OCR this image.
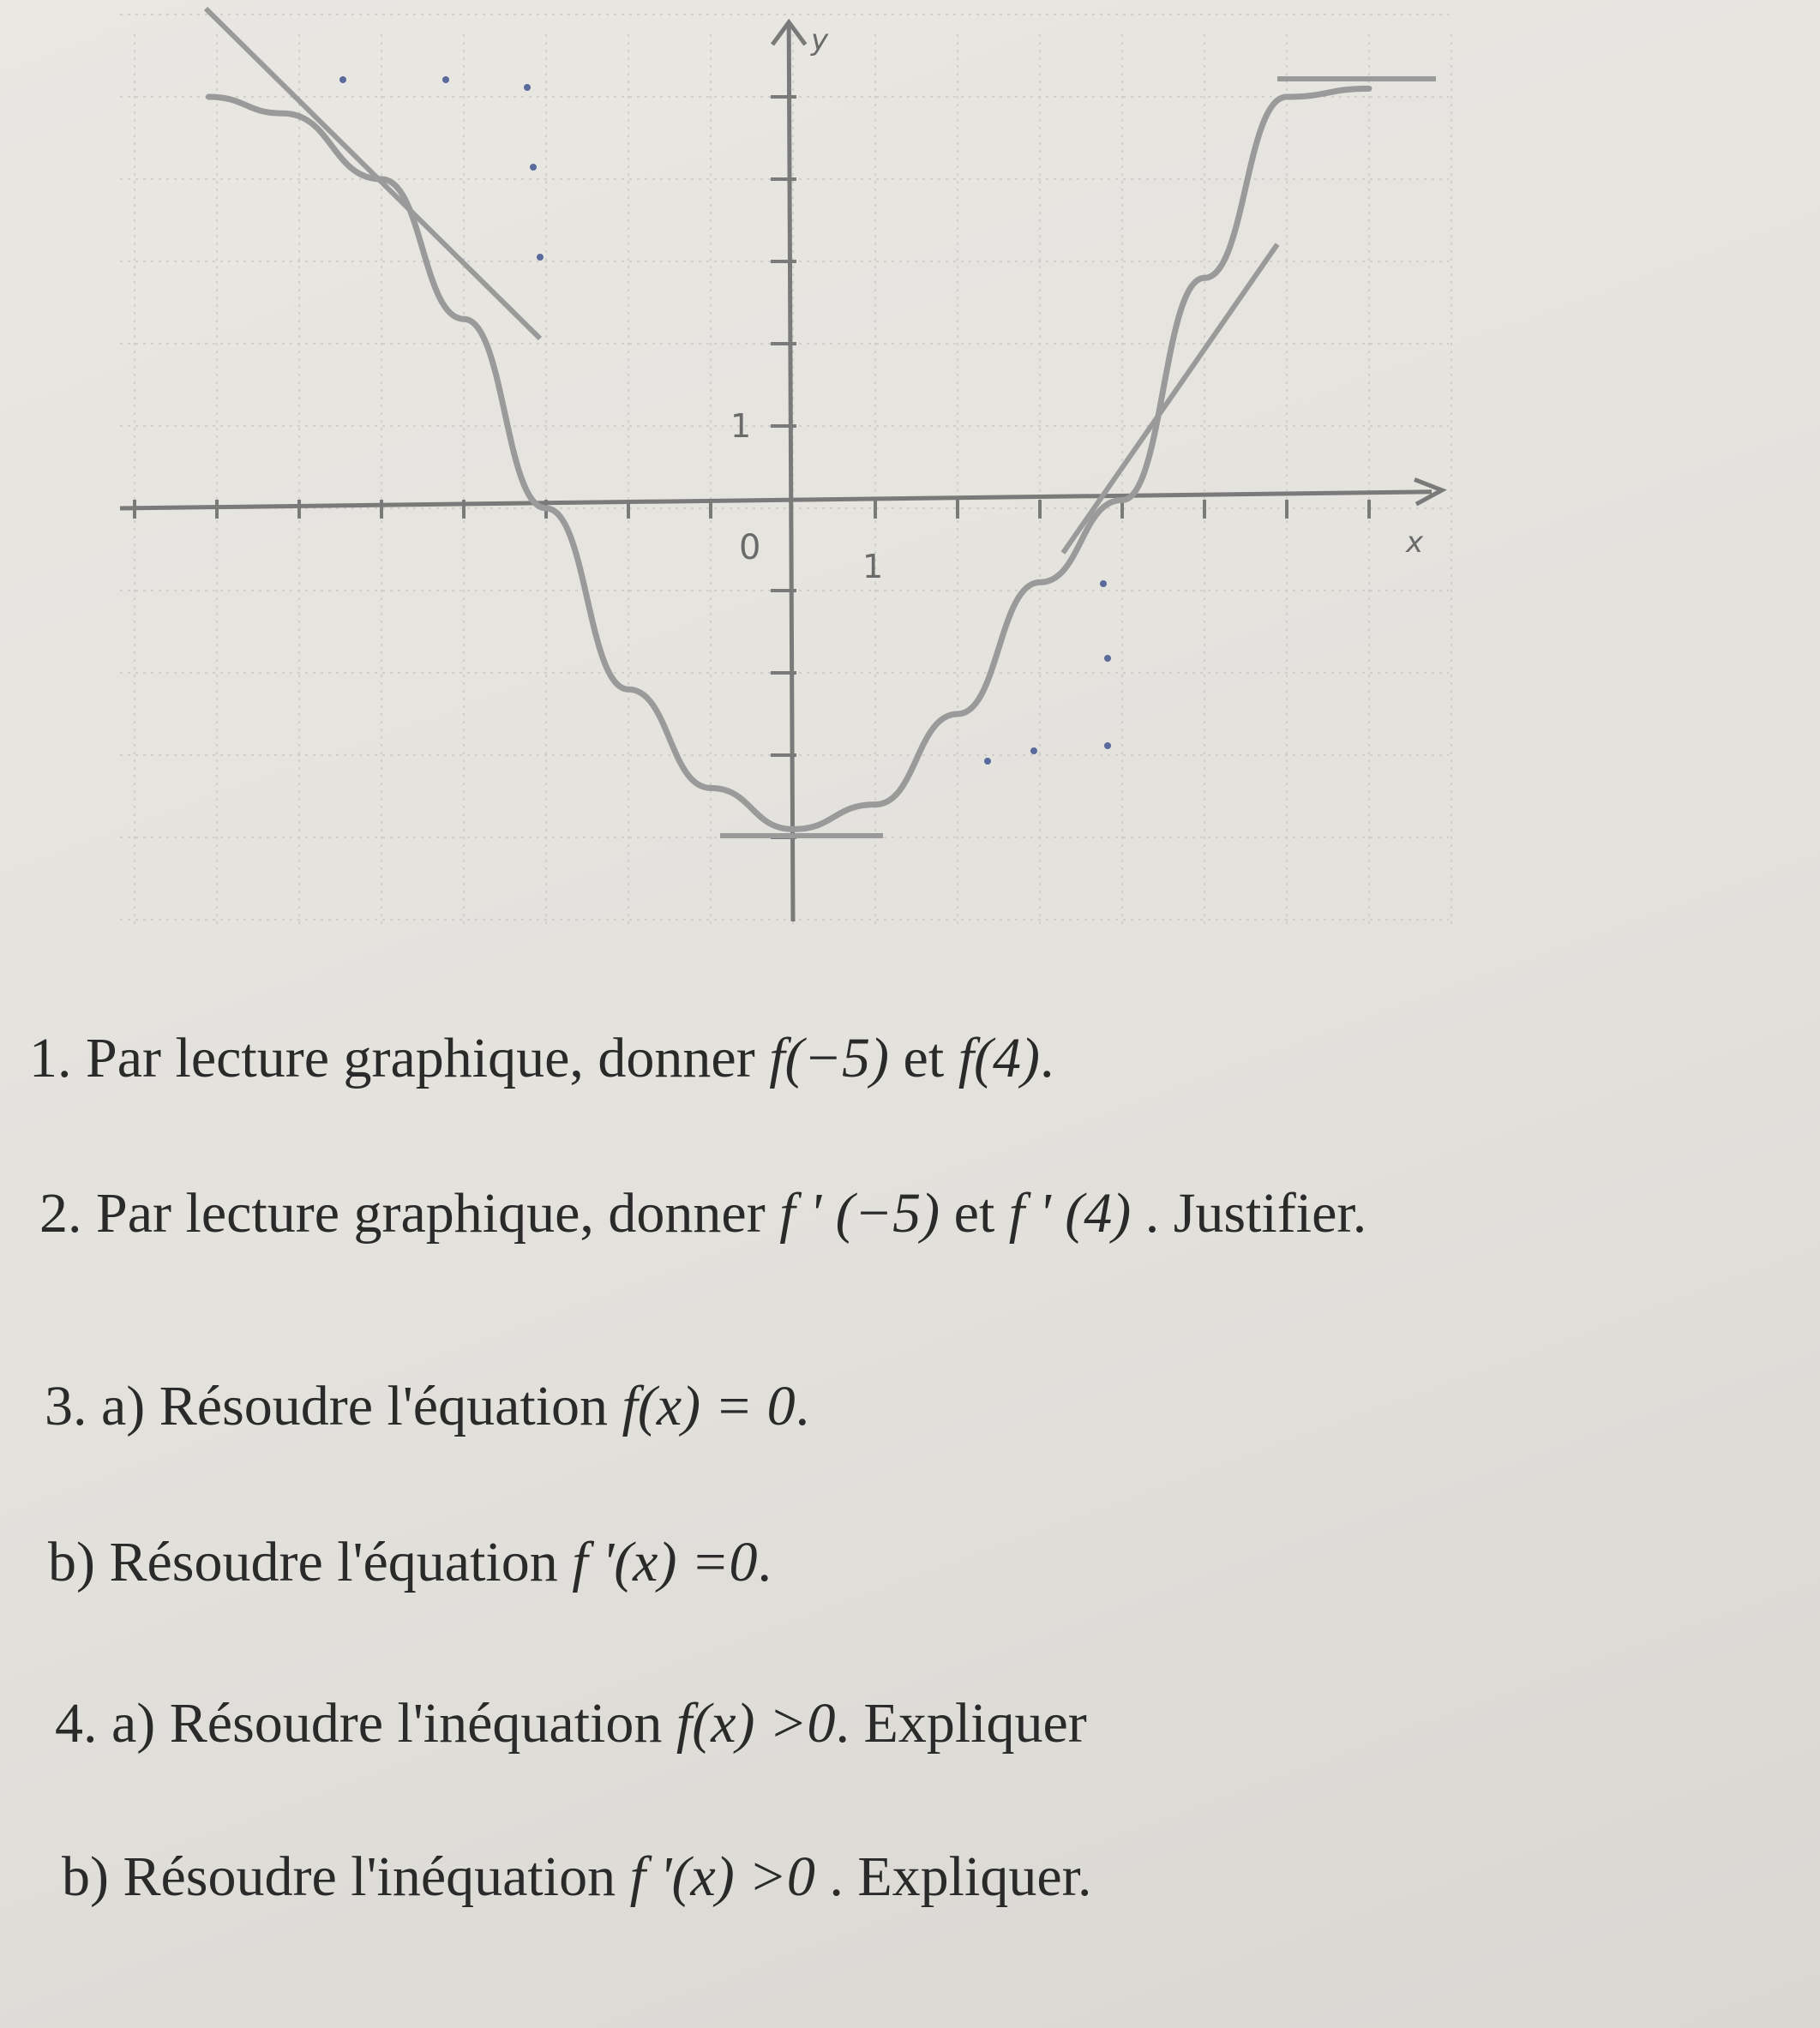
y
x
1
1
0
1. Par lecture graphique, donner f(−5) et f(4).
2. Par lecture graphique, donner f ' (−5) et f ' (4) . Justifier.
3. a) Résoudre l'équation f(x) = 0.
b) Résoudre l'équation f '(x) =0.
4. a) Résoudre l'inéquation f(x) >0. Expliquer
b) Résoudre l'inéquation f '(x) >0 . Expliquer.
